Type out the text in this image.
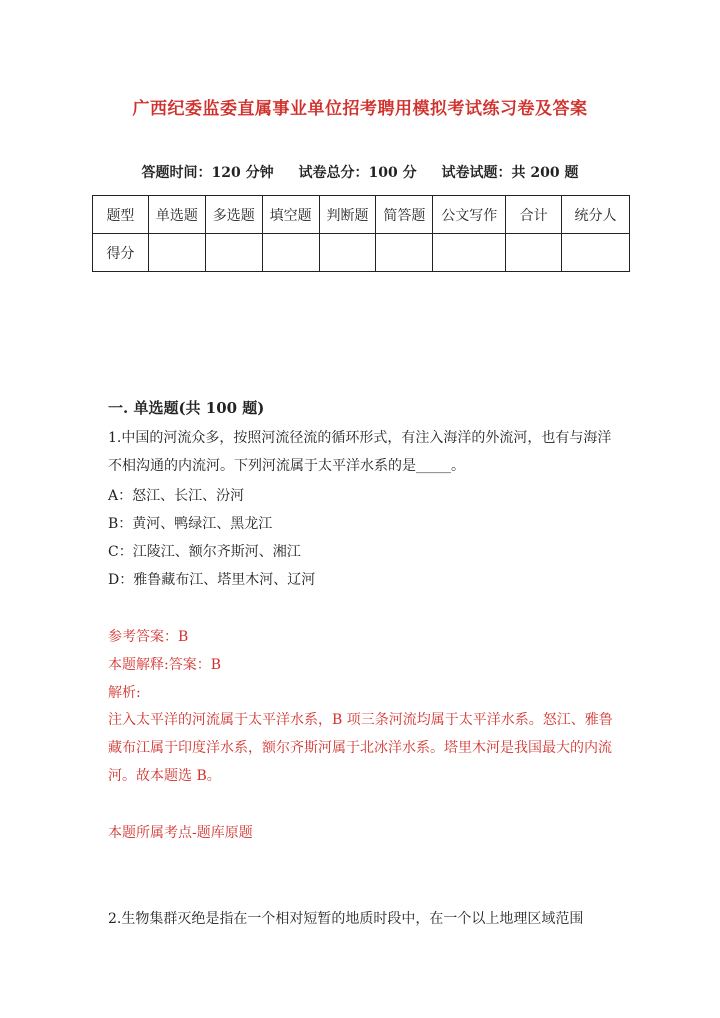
广西纪委监委直属事业单位招考聘用模拟考试练习卷及答案
答题时间：120 分钟 试卷总分：100 分 试卷试题：共 200 题
题型	单选题	多选题	填空题	判断题	简答题	公文写作	合计	统分人
得分								
一. 单选题(共 100 题)
1.中国的河流众多，按照河流径流的循环形式，有注入海洋的外流河，也有与海洋不相沟通的内流河。下列河流属于太平洋水系的是_____。
A：怒江、长江、汾河
B：黄河、鸭绿江、黑龙江
C：江陵江、额尔齐斯河、湘江
D：雅鲁藏布江、塔里木河、辽河
参考答案：B
本题解释:答案：B
解析:
注入太平洋的河流属于太平洋水系，B 项三条河流均属于太平洋水系。怒江、雅鲁藏布江属于印度洋水系，额尔齐斯河属于北冰洋水系。塔里木河是我国最大的内流河。故本题选 B。
本题所属考点-题库原题
2.生物集群灭绝是指在一个相对短暂的地质时段中，在一个以上地理区域范围
